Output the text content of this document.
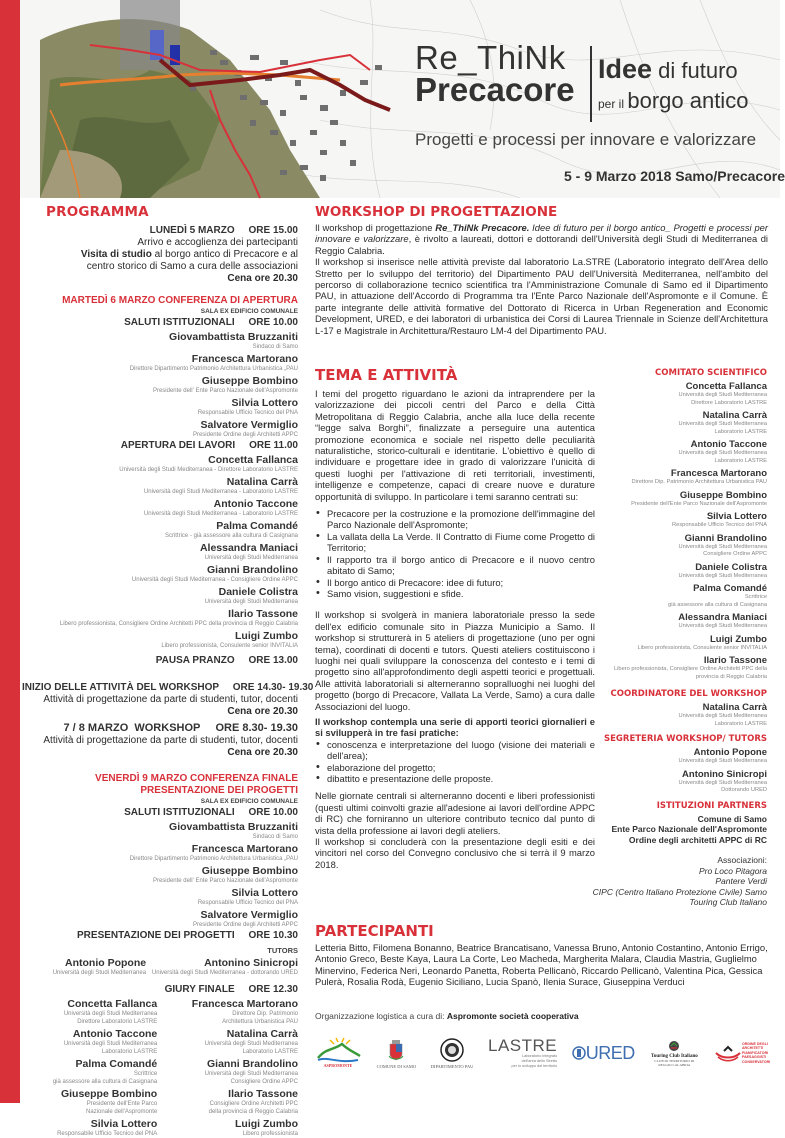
Re_ThiNk
Precacore
Idee di futuro
per il borgo antico
Progetti e processi per innovare e valorizzare
5 - 9 Marzo 2018 Samo/Precacore
PROGRAMMA
LUNEDÌ 5 MARZO     ORE 15.00
Arrivo e accoglienza dei partecipanti
Visita di studio al borgo antico di Precacore e al
centro storico di Samo a cura delle associazioni
Cena ore 20.30
MARTEDÌ 6 MARZO CONFERENZA DI APERTURA
SALA EX EDIFICIO COMUNALE
SALUTI ISTITUZIONALI     ORE 10.00
Giovambattista Bruzzaniti
Sindaco di Samo
Francesca Martorano
Direttore Dipartimento Patrimonio Architettura Urbanistica „PAU
Giuseppe Bombino
Presidente dell' Ente Parco Nazionale dell'Aspromonte
Silvia Lottero
Responsabile Ufficio Tecnico del PNA
Salvatore Vermiglio
Presidente Ordine degli Architetti APPC
APERTURA DEI LAVORI     ORE 11.00
Concetta Fallanca
Università degli Studi Mediterranea - Direttore Laboratorio LASTRE
Natalina Carrà
Università degli Studi Mediterranea - Laboratorio LASTRE
Antonio Taccone
Università degli Studi Mediterranea - Laboratorio LASTRE
Palma Comandé
Scrittrice - già assessore alla cultura di Casignana
Alessandra Maniaci
Università degli Studi Mediterranea
Gianni Brandolino
Università degli Studi Mediterranea - Consigliere Ordine APPC
Daniele Colistra
Università degli Studi Mediterranea
Ilario Tassone
Libero professionista, Consigliere Ordine Architetti PPC della provincia di Reggio Calabria
Luigi Zumbo
Libero professionista, Consulente senior INVITALIA
PAUSA PRANZO     ORE 13.00
INIZIO DELLE ATTIVITÀ DEL WORKSHOP     ORE 14.30- 19.30
Attività di progettazione da parte di studenti, tutor, docenti
Cena ore 20.30
7 / 8 MARZO  WORKSHOP     ORE 8.30- 19.30
Attività di progettazione da parte di studenti, tutor, docenti
Cena ore 20.30
VENERDÌ 9 MARZO CONFERENZA FINALE
PRESENTAZIONE DEI PROGETTI
SALA EX EDIFICIO COMUNALE
SALUTI ISTITUZIONALI     ORE 10.00
Giovambattista Bruzzaniti
Sindaco di Samo
Francesca Martorano
Direttore Dipartimento Patrimonio Architettura Urbanistica „PAU
Giuseppe Bombino
Presidente dell' Ente Parco Nazionale dell'Aspromonte
Silvia Lottero
Responsabile Ufficio Tecnico del PNA
Salvatore Vermiglio
Presidente Ordine degli Architetti APPC
PRESENTAZIONE DEI PROGETTI     ORE 10.30
TUTORS
Antonio Popone
Università degli Studi Mediterranea
Antonino Sinicropi
Università degli Studi Mediterranea - dottorando URED
GIURY FINALE     ORE 12.30
Concetta Fallanca
Università degli Studi Mediterranea
Direttore Laboratorio LASTRE
Antonio Taccone
Università degli Studi Mediterranea
Laboratorio LASTRE
Palma Comandé
Scrittrice
già assessore alla cultura di Casignana
Giuseppe Bombino
Presidente dell'Ente Parco
Nazionale dell'Aspromonte
Silvia Lottero
Responsabile Ufficio Tecnico del PNA
Francesca Martorano
Direttore Dip. Patrimonio
Architettura Urbanistica PAU
Natalina Carrà
Università degli Studi Mediterranea
Laboratorio LASTRE
Gianni Brandolino
Università degli Studi Mediterranea
Consigliere Ordine APPC
Ilario Tassone
Consigliere Ordine Architetti PPC
della provincia di Reggio Calabria
Luigi Zumbo
Libero professionista
WORKSHOP DI PROGETTAZIONE
Il workshop di progettazione Re_ThiNk Precacore. Idee di futuro per il borgo antico_ Progetti e processi per innovare e valorizzare, è rivolto a laureati, dottori e dottorandi dell'Università degli Studi di Mediterranea di Reggio Calabria.
Il workshop si inserisce nelle attività previste dal laboratorio La.STRE (Laboratorio integrato dell'Area dello Stretto per lo sviluppo del territorio) del Dipartimento PAU dell'Università Mediterranea, nell'ambito del percorso di collaborazione tecnico scientifica tra l'Amministrazione Comunale di Samo ed il Dipartimento PAU, in attuazione dell'Accordo di Programma tra l'Ente Parco Nazionale dell'Aspromonte e il Comune. È parte integrante delle attività formative del Dottorato di Ricerca in Urban Regeneration and Economic Development, URED, e dei laboratori di urbanistica dei Corsi di Laurea Triennale in Scienze dell'Architettura L-17 e Magistrale in Architettura/Restauro LM-4 del Dipartimento PAU.
TEMA E ATTIVITÀ
I temi del progetto riguardano le azioni da intraprendere per la valorizzazione dei piccoli centri del Parco e della Città Metropolitana di Reggio Calabria, anche alla luce della recente “legge salva Borghi”, finalizzate a perseguire una autentica promozione economica e sociale nel rispetto delle peculiarità naturalistiche, storico-culturali e identitarie. L'obiettivo è quello di individuare e progettare idee in grado di valorizzare l'unicità di questi luoghi per l'attivazione di reti territoriali, investimenti, intelligenze e competenze, capaci di creare nuove e durature opportunità di sviluppo. In particolare i temi saranno centrati su:
• Precacore per la costruzione e la promozione dell'immagine del Parco Nazionale dell'Aspromonte;
• La vallata della La Verde. Il Contratto di Fiume come Progetto di Territorio;
• Il rapporto tra il borgo antico di Precacore e il nuovo centro abitato di Samo;
• Il borgo antico di Precacore: idee di futuro;
• Samo vision, suggestioni e sfide.
Il workshop si svolgerà in maniera laboratoriale presso la sede dell'ex edificio comunale sito in Piazza Municipio a Samo. Il workshop si strutturerà in 5 ateliers di progettazione (uno per ogni tema), coordinati di docenti e tutors. Questi ateliers costituiscono i luoghi nei quali sviluppare la conoscenza del contesto e i temi di progetto sino all'approfondimento degli aspetti teorici e progettuali. Alle attività laboratoriali si alterneranno sopralluoghi nei luoghi del progetto (borgo di Precacore, Vallata La Verde, Samo) a cura dalle Associazioni del luogo.
Il workshop contempla una serie di apporti teorici giornalieri e si svilupperà in tre fasi pratiche:
• conoscenza e interpretazione del luogo (visione dei materiali e dell'area);
• elaborazione del progetto;
• dibattito e presentazione delle proposte.
Nelle giornate centrali si alterneranno docenti e liberi professionisti (questi ultimi coinvolti grazie all'adesione ai lavori dell'ordine APPC di RC) che forniranno un ulteriore contributo tecnico dal punto di vista della professione ai lavori degli ateliers.
Il workshop si concluderà con la presentazione degli esiti e dei vincitori nel corso del Convegno conclusivo che si terrà il 9 marzo 2018.
COMITATO SCIENTIFICO
Concetta Fallanca
Università degli Studi Mediterranea
Direttore Laboratorio LASTRE
Natalina Carrà
Università degli Studi Mediterranea
Laboratorio LASTRE
Antonio Taccone
Università degli Studi Mediterranea
Laboratorio LASTRE
Francesca Martorano
Direttore Dip. Patrimonio Architettura Urbanistica PAU
Giuseppe Bombino
Presidente dell'Ente Parco Nazionale dell'Aspromonte
Silvia Lottero
Responsabile Ufficio Tecnico del PNA
Gianni Brandolino
Università degli Studi Mediterranea
Consigliere Ordine APPC
Daniele Colistra
Università degli Studi Mediterranea
Palma Comandé
Scrittrice
già assessore alla cultura di Casignana
Alessandra Maniaci
Università degli Studi Mediterranea
Luigi Zumbo
Libero professionista, Consulente senior INVITALIA
Ilario Tassone
Libero professionista, Consigliere Ordine Architetti PPC della
provincia di Reggio Calabria
COORDINATORE DEL WORKSHOP
Natalina Carrà
Università degli Studi Mediterranea
Laboratorio LASTRE
SEGRETERIA WORKSHOP/ TUTORS
Antonio Popone
Università degli Studi Mediterranea
Antonino Sinicropi
Università degli Studi Mediterranea
Dottorando URED
ISTITUZIONI PARTNERS
Comune di Samo
Ente Parco Nazionale dell'Aspromonte
Ordine degli architetti APPC di RC
Associazioni:
Pro Loco Pitagora
Pantere Verdi
CIPC (Centro Italiano Protezione Civile) Samo
Touring Club Italiano
PARTECIPANTI
Letteria Bitto, Filomena Bonanno, Beatrice Brancatisano, Vanessa Bruno, Antonio Costantino, Antonio Errigo, Antonio Greco, Beste Kaya, Laura La Corte, Leo Macheda, Margherita Malara, Claudia Mastria, Guglielmo Minervino, Federica Neri, Leonardo Panetta, Roberta Pellicanò, Riccardo Pellicanò, Valentina Pica, Gessica Pulerà, Rosalia Rodà, Eugenio Siciliano, Lucia Spanò, Ilenia Surace, Giuseppina Verduci
Organizzazione logistica a cura di: Aspromonte società cooperativa
ASPROMONTE	COMUNE DI SAMO	DIPARTIMENTO PAU
LASTRE
Laboratorio integrato
dell'area dello Stretto
per lo sviluppo del territorio
URED	Touring Club Italiano
CLUB DI TERRITORIO DI REGGIO CALABRIA
ORDINE DEGLI ARCHITETTI PIANIFICATORI PAESAGGISTI CONSERVATORI
